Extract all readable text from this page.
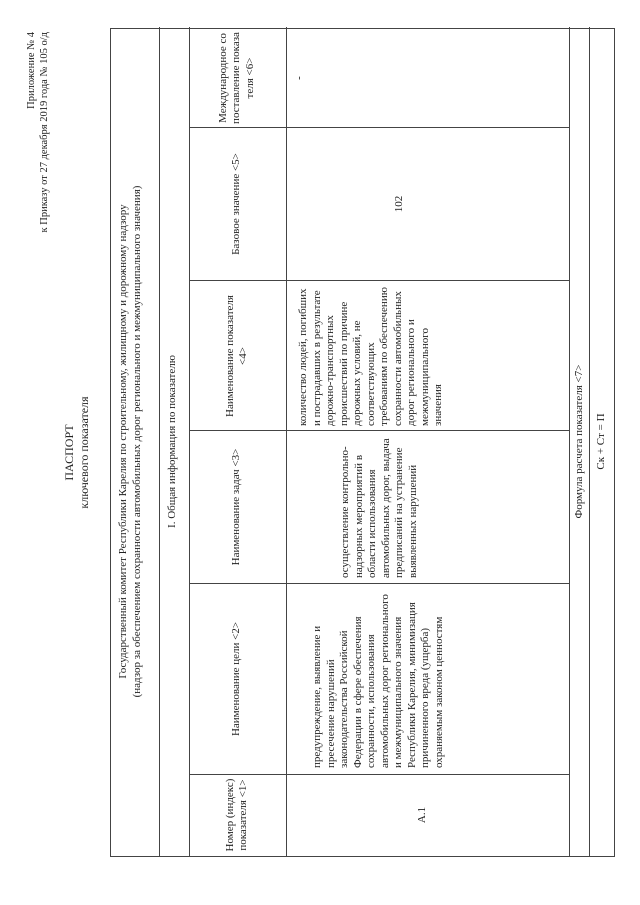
Приложение № 4 к Приказу от 27 декабря 2019 года № 105 о/д
ПАСПОРТ ключевого показателя Государственный комитет Республики Карелия по строительному, жилищному и дорожному надзору (надзор за обеспечением сохранности автомобильных дорог регионального и межмуниципального значения) I. Общая информация по показателю
Номер (индекс) показателя <1>
Наименование цели <2>
Наименование задач <3>
Наименование показателя <4>
Базовое значение <5>
Международное сопоставление показателя <6>
А.1
предупреждение, выявление и пресечение нарушений законодательства Российской Федерации в сфере обеспечения сохранности, использования автомобильных дорог регионального и межмуниципального значения Республики Карелия, минимизация причиненного вреда (ущерба) охраняемым законом ценностям
осуществление контрольно-надзорных мероприятий в области использования автомобильных дорог, выдача предписаний на устранение выявленных нарушений
количество людей, погибших и пострадавших в результате дорожно-транспортных происшествий по причине дорожных условий, не соответствующих требованиям по обеспечению сохранности автомобильных дорог регионального и межмуниципального значения
102
-
Формула расчета показателя <7> Cк + Cт = П
